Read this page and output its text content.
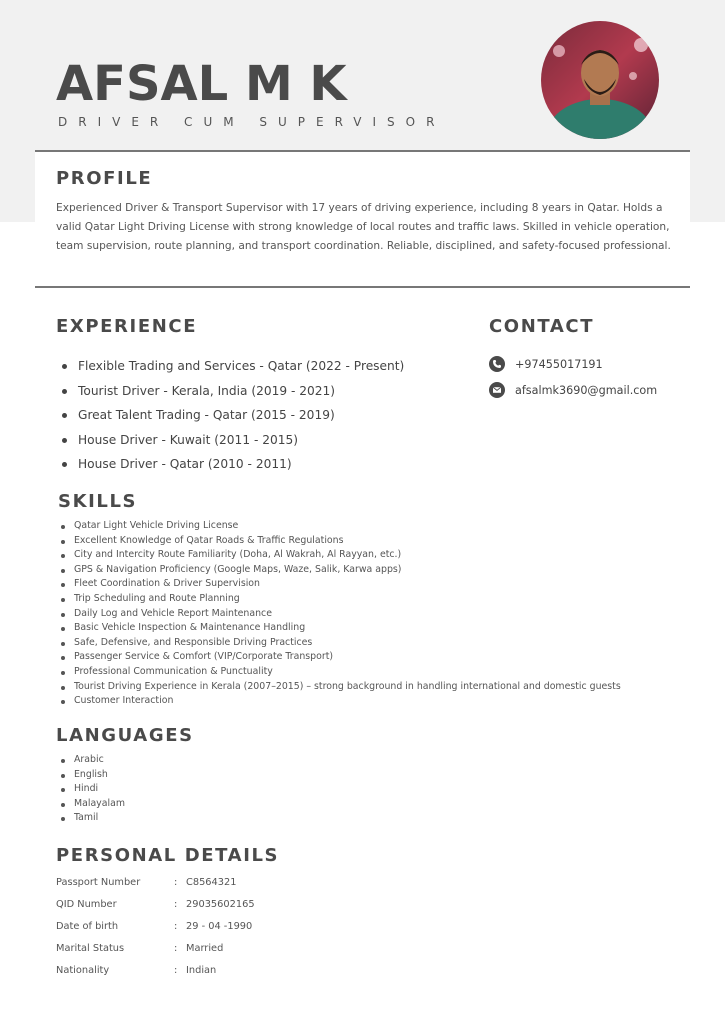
AFSAL M K
DRIVER CUM SUPERVISOR
PROFILE

Experienced Driver & Transport Supervisor with 17 years of driving experience, including 8 years in Qatar. Holds a valid Qatar Light Driving License with strong knowledge of local routes and traffic laws. Skilled in vehicle operation, team supervision, route planning, and transport coordination. Reliable, disciplined, and safety-focused professional.

EXPERIENCE
Flexible Trading and Services - Qatar (2022 - Present)
Tourist Driver - Kerala, India (2019 - 2021)
Great Talent Trading - Qatar (2015 - 2019)
House Driver - Kuwait (2011 - 2015)
House Driver - Qatar (2010 - 2011)
CONTACT
+97455017191
afsalmk3690@gmail.com
SKILLS
Qatar Light Vehicle Driving License
Excellent Knowledge of Qatar Roads & Traffic Regulations
City and Intercity Route Familiarity (Doha, Al Wakrah, Al Rayyan, etc.)
GPS & Navigation Proficiency (Google Maps, Waze, Salik, Karwa apps)
Fleet Coordination & Driver Supervision
Trip Scheduling and Route Planning
Daily Log and Vehicle Report Maintenance
Basic Vehicle Inspection & Maintenance Handling
Safe, Defensive, and Responsible Driving Practices
Passenger Service & Comfort (VIP/Corporate Transport)
Professional Communication & Punctuality
Tourist Driving Experience in Kerala (2007–2015) – strong background in handling international and domestic guests
Customer Interaction
LANGUAGES
Arabic
English
Hindi
Malayalam
Tamil
PERSONAL DETAILS
Passport Number	: C8564321
QID Number	: 29035602165
Date of birth	: 29 - 04 -1990
Marital Status	: Married
Nationality	: Indian
